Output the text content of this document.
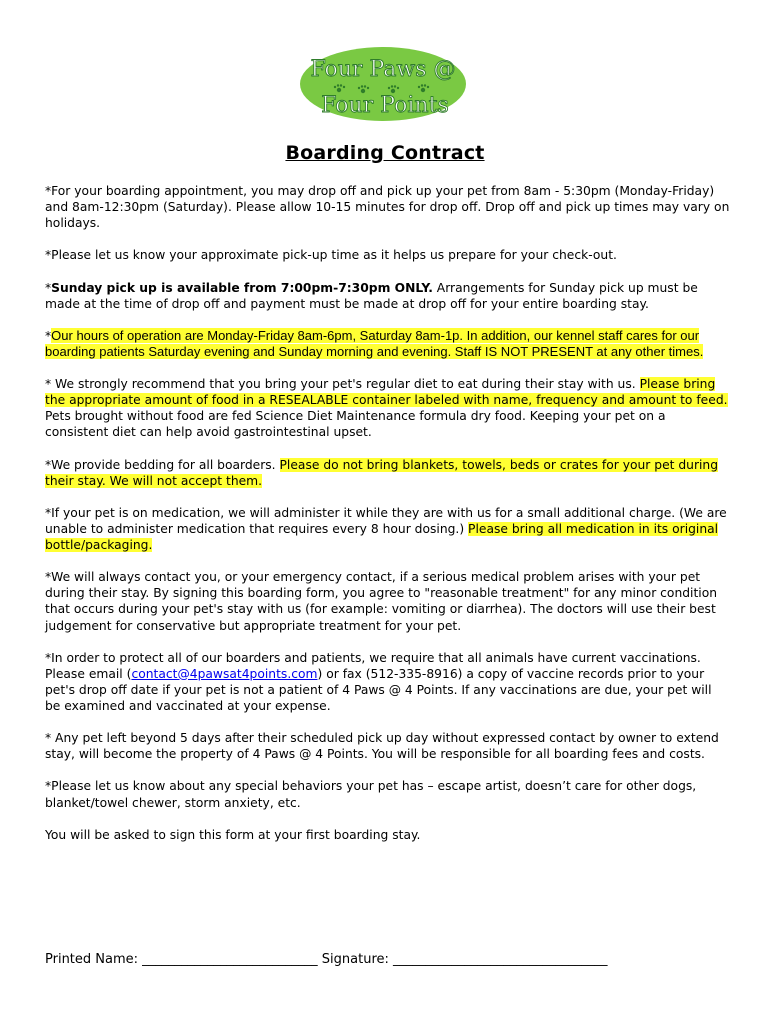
Four Paws @
Four Points
Boarding Contract

*For your boarding appointment, you may drop off and pick up your pet from 8am - 5:30pm (Monday-Friday) and 8am-12:30pm (Saturday). Please allow 10-15 minutes for drop off. Drop off and pick up times may vary on holidays.

*Please let us know your approximate pick-up time as it helps us prepare for your check-out.

*Sunday pick up is available from 7:00pm-7:30pm ONLY. Arrangements for Sunday pick up must be made at the time of drop off and payment must be made at drop off for your entire boarding stay.

*Our hours of operation are Monday-Friday 8am-6pm, Saturday 8am-1p. In addition, our kennel staff cares for our boarding patients Saturday evening and Sunday morning and evening. Staff IS NOT PRESENT at any other times.

* We strongly recommend that you bring your pet's regular diet to eat during their stay with us. Please bring the appropriate amount of food in a RESEALABLE container labeled with name, frequency and amount to feed. Pets brought without food are fed Science Diet Maintenance formula dry food. Keeping your pet on a consistent diet can help avoid gastrointestinal upset.

*We provide bedding for all boarders. Please do not bring blankets, towels, beds or crates for your pet during their stay. We will not accept them.

*If your pet is on medication, we will administer it while they are with us for a small additional charge. (We are unable to administer medication that requires every 8 hour dosing.) Please bring all medication in its original bottle/packaging.

*We will always contact you, or your emergency contact, if a serious medical problem arises with your pet during their stay. By signing this boarding form, you agree to "reasonable treatment" for any minor condition that occurs during your pet's stay with us (for example: vomiting or diarrhea). The doctors will use their best judgement for conservative but appropriate treatment for your pet.

*In order to protect all of our boarders and patients, we require that all animals have current vaccinations. Please email (contact@4pawsat4points.com) or fax (512-335-8916) a copy of vaccine records prior to your pet's drop off date if your pet is not a patient of 4 Paws @ 4 Points. If any vaccinations are due, your pet will be examined and vaccinated at your expense.

* Any pet left beyond 5 days after their scheduled pick up day without expressed contact by owner to extend stay, will become the property of 4 Paws @ 4 Points. You will be responsible for all boarding fees and costs.

*Please let us know about any special behaviors your pet has – escape artist, doesn’t care for other dogs, blanket/towel chewer, storm anxiety, etc.

You will be asked to sign this form at your first boarding stay.

Printed Name: ___________________________ Signature: _________________________________
